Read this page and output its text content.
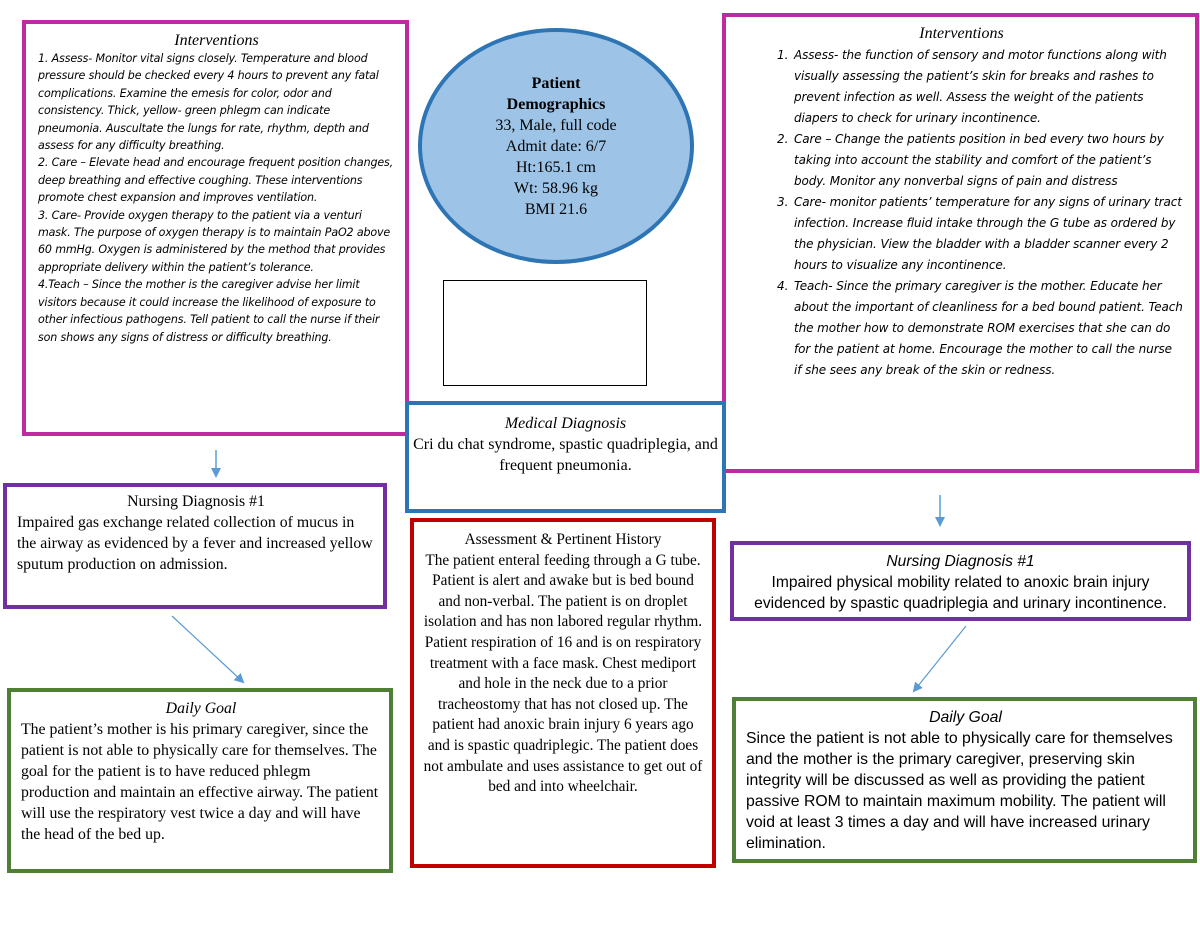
Interventions

1. Assess- Monitor vital signs closely. Temperature and blood pressure should be checked every 4 hours to prevent any fatal complications. Examine the emesis for color, odor and consistency. Thick, yellow- green phlegm can indicate pneumonia. Auscultate the lungs for rate, rhythm, depth and assess for any difficulty breathing.

2. Care – Elevate head and encourage frequent position changes, deep breathing and effective coughing. These interventions promote chest expansion and improves ventilation.

3. Care- Provide oxygen therapy to the patient via a venturi mask. The purpose of oxygen therapy is to maintain PaO2 above 60 mmHg. Oxygen is administered by the method that provides appropriate delivery within the patient’s tolerance.

4.Teach – Since the mother is the caregiver advise her limit visitors because it could increase the likelihood of exposure to other infectious pathogens. Tell patient to call the nurse if their son shows any signs of distress or difficulty breathing.

Patient
Demographics
33, Male, full code
Admit date: 6/7
Ht:165.1 cm
Wt: 58.96 kg
BMI 21.6
Interventions
1. Assess- the function of sensory and motor functions along with visually assessing the patient’s skin for breaks and rashes to prevent infection as well. Assess the weight of the patients diapers to check for urinary incontinence.
2. Care – Change the patients position in bed every two hours by taking into account the stability and comfort of the patient’s body. Monitor any nonverbal signs of pain and distress
3. Care- monitor patients’ temperature for any signs of urinary tract infection. Increase fluid intake through the G tube as ordered by the physician. View the bladder with a bladder scanner every 2 hours to visualize any incontinence.
4. Teach- Since the primary caregiver is the mother. Educate her about the important of cleanliness for a bed bound patient. Teach the mother how to demonstrate ROM exercises that she can do for the patient at home. Encourage the mother to call the nurse if she sees any break of the skin or redness.
Medical Diagnosis
Cri du chat syndrome, spastic quadriplegia, and frequent pneumonia.
Assessment & Pertinent History
The patient enteral feeding through a G tube. Patient is alert and awake but is bed bound and non-verbal. The patient is on droplet isolation and has non labored regular rhythm. Patient respiration of 16 and is on respiratory treatment with a face mask. Chest mediport and hole in the neck due to a prior tracheostomy that has not closed up. The patient had anoxic brain injury 6 years ago and is spastic quadriplegic. The patient does not ambulate and uses assistance to get out of bed and into wheelchair.
Nursing Diagnosis #1
Impaired gas exchange related collection of mucus in the airway as evidenced by a fever and increased yellow sputum production on admission.
Daily Goal
The patient’s mother is his primary caregiver, since the patient is not able to physically care for themselves. The goal for the patient is to have reduced phlegm production and maintain an effective airway. The patient will use the respiratory vest twice a day and will have the head of the bed up.
Nursing Diagnosis #1
Impaired physical mobility related to anoxic brain injury evidenced by spastic quadriplegia and urinary incontinence.
Daily Goal
Since the patient is not able to physically care for themselves and the mother is the primary caregiver, preserving skin integrity will be discussed as well as providing the patient passive ROM to maintain maximum mobility. The patient will void at least 3 times a day and will have increased urinary elimination.
